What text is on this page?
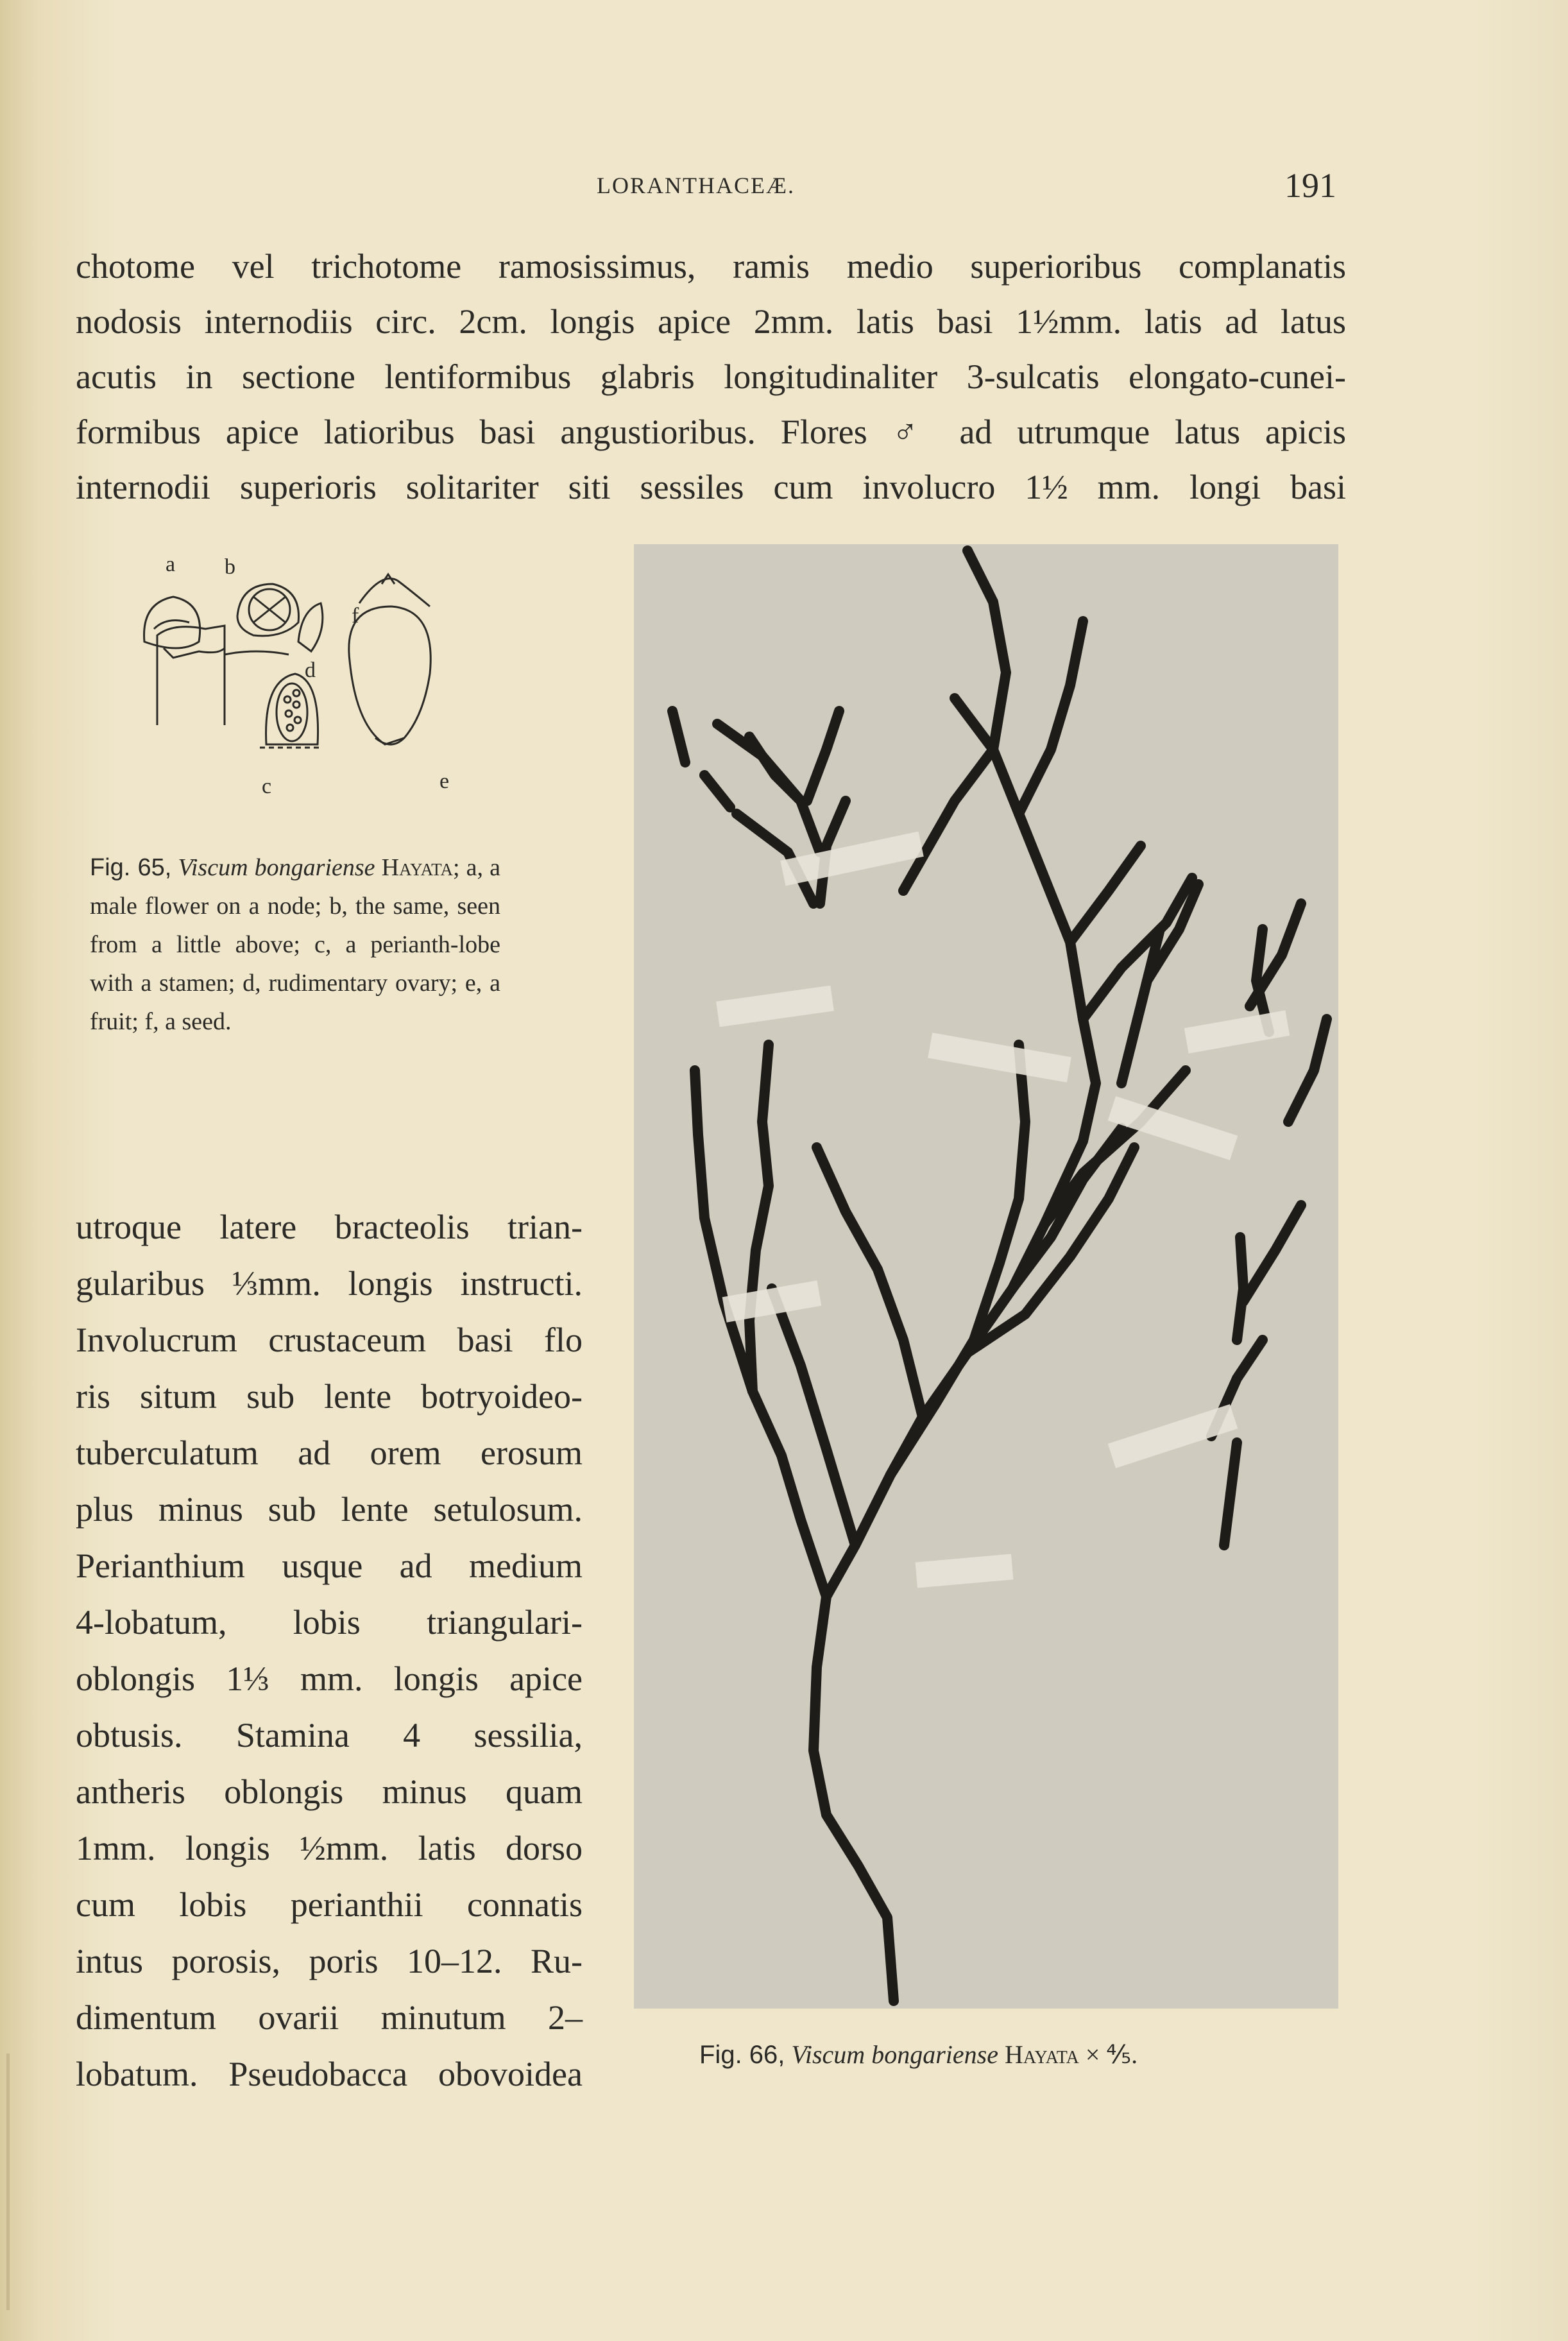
LORANTHACEÆ.	191
chotome vel trichotome ramosissimus, ramis medio superioribus complanatis
nodosis internodiis circ. 2cm. longis apice 2mm. latis basi 1½mm. latis ad latus
acutis in sectione lentiformibus glabris longitudinaliter 3-sulcatis elongato-cunei-
formibus apice latioribus basi angustioribus. Flores ♂ ad utrumque latus apicis
internodii superioris solitariter siti sessiles cum involucro 1½ mm. longi basi
a b
d
c	e
f
Fig. 65, Viscum bongariense Hayata; a, a male flower on a node; b, the same, seen from a little above; c, a perianth-lobe with a stamen; d, rudimentary ovary; e, a fruit; f, a seed.
utroque latere bracteolis trian-
gularibus ⅓mm. longis instructi.
Involucrum crustaceum basi flo
ris situm sub lente botryoideo-
tuberculatum ad orem erosum
plus minus sub lente setulosum.
Perianthium usque ad medium
4-lobatum, lobis triangulari-
oblongis 1⅓ mm. longis apice
obtusis. Stamina 4 sessilia,
antheris oblongis minus quam
1mm. longis ½mm. latis dorso
cum lobis perianthii connatis
intus porosis, poris 10–12. Ru-
dimentum ovarii minutum 2–
lobatum. Pseudobacca obovoidea	Fig. 66, Viscum bongariense Hayata × ⅘.
